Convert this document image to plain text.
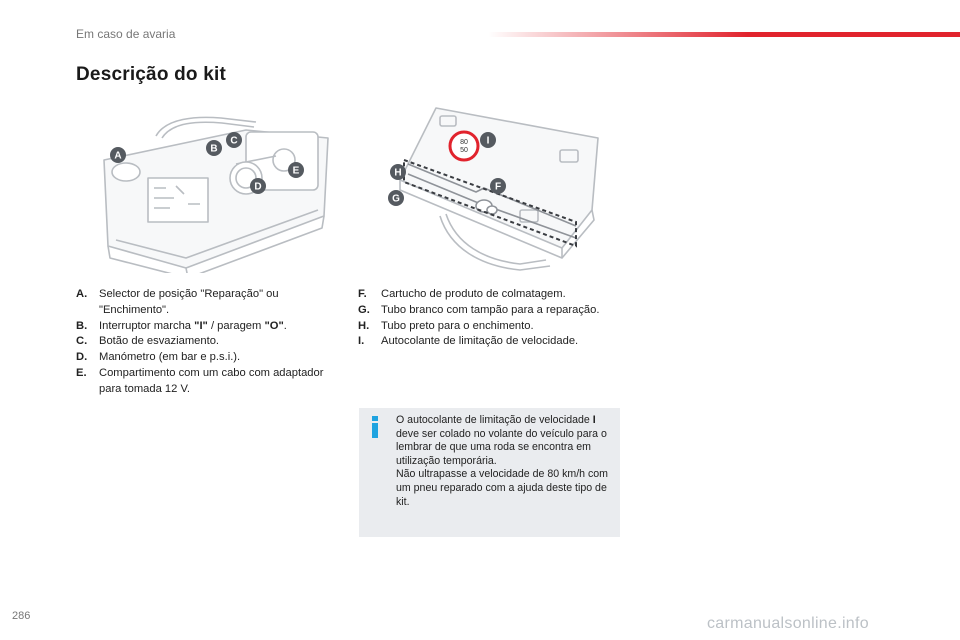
Em caso de avaria
Descrição do kit
A
B
C
D
E
80
50
I
F
H
G
A.	Selector de posição "Reparação" ou "Enchimento".
B.	Interruptor marcha "I" / paragem "O".
C.	Botão de esvaziamento.
D.	Manómetro (em bar e p.s.i.).
E.	Compartimento com um cabo com adaptador para tomada 12 V.
F.	Cartucho de produto de colmatagem.
G. Tubo branco com tampão para a reparação.
H.	Tubo preto para o enchimento.
I.	Autocolante de limitação de velocidade.
O autocolante de limitação de velocidade I deve ser colado no volante do veículo para o lembrar de que uma roda se encontra em utilização temporária.
Não ultrapasse a velocidade de 80 km/h com um pneu reparado com a ajuda deste tipo de kit.
286	carmanualsonline.info
